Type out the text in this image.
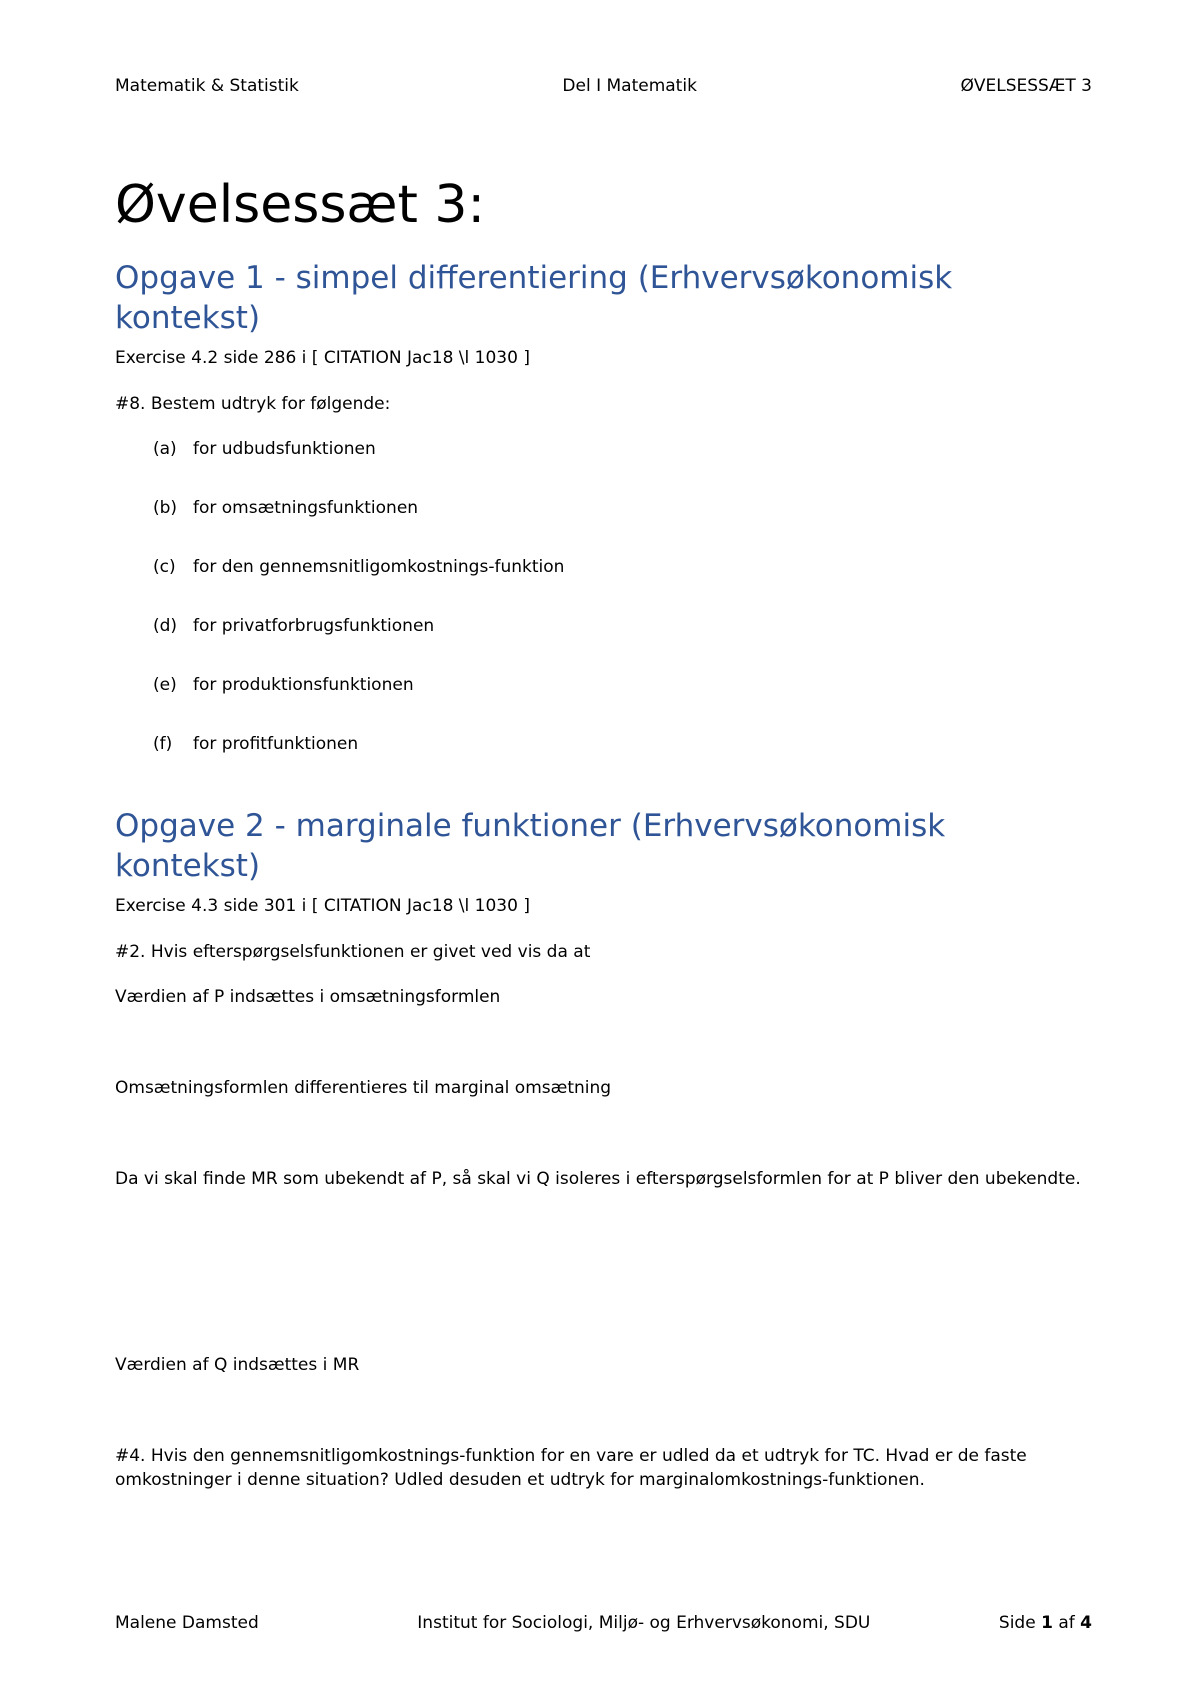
Matematik & Statistik	Del I Matematik	ØVELSESSÆT 3
Øvelsessæt 3:
Opgave 1 - simpel differentiering (Erhvervsøkonomisk kontekst)

Exercise 4.2 side 286 i [ CITATION Jac18 \l 1030 ]

#8. Bestem udtryk for følgende:

(a) for udbudsfunktionen
(b) for omsætningsfunktionen
(c)	for den gennemsnitligomkostnings-funktion
(d) for privatforbrugsfunktionen
(e) for produktionsfunktionen
(f)	for profitfunktionen
Opgave 2 - marginale funktioner (Erhvervsøkonomisk kontekst)

Exercise 4.3 side 301 i [ CITATION Jac18 \l 1030 ]

#2. Hvis efterspørgselsfunktionen er givet ved vis da at

Værdien af P indsættes i omsætningsformlen

Omsætningsformlen differentieres til marginal omsætning

Da vi skal finde MR som ubekendt af P, så skal vi Q isoleres i efterspørgselsformlen for at P bliver den ubekendte.

Værdien af Q indsættes i MR

#4. Hvis den gennemsnitligomkostnings-funktion for en vare er udled da et udtryk for TC. Hvad er de faste omkostninger i denne situation? Udled desuden et udtryk for marginalomkostnings-funktionen.

Malene Damsted	Institut for Sociologi, Miljø- og Erhvervsøkonomi, SDU	Side 1 af 4
